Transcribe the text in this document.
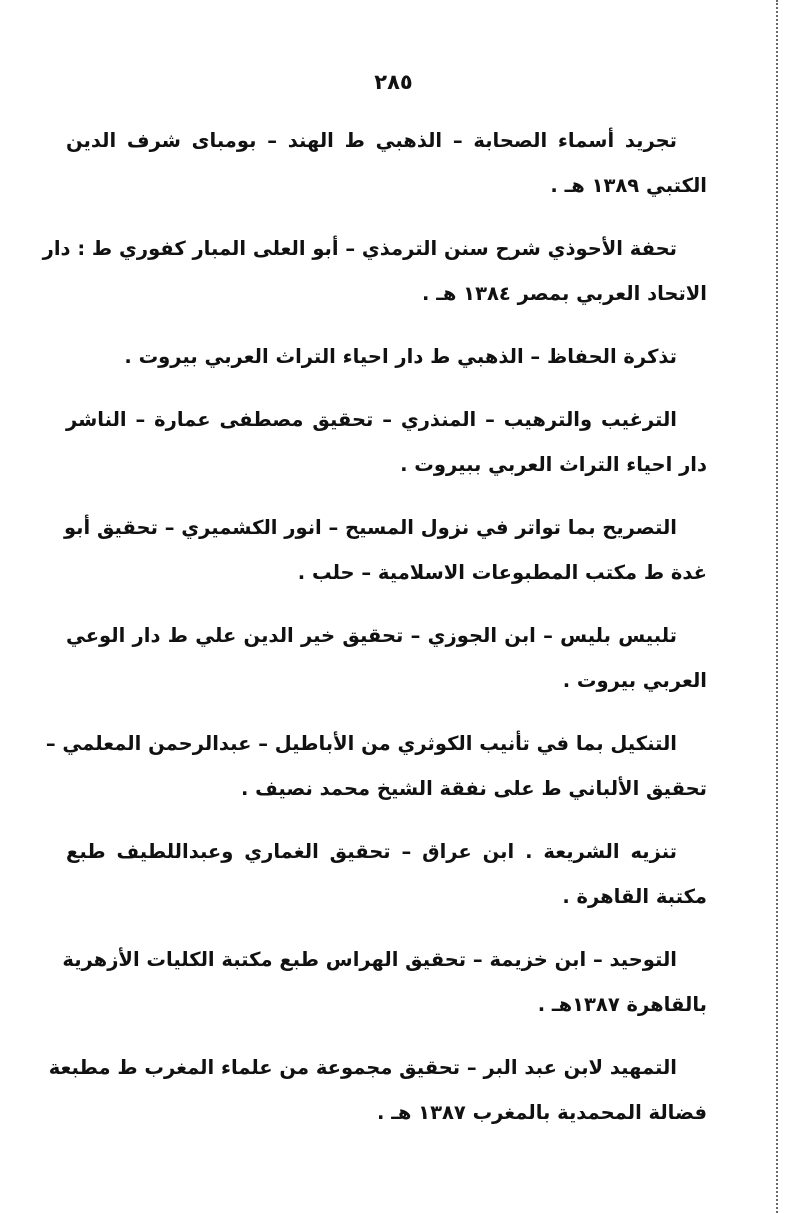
٢٨٥

تجريد أسماء الصحابة – الذهبي ط الهند – بومباى شرف الدين
الكتبي ١٣٨٩ هـ .

تحفة الأحوذي شرح سنن الترمذي – أبو العلى المبار كفوري ط : دار
الاتحاد العربي بمصر ١٣٨٤ هـ .

تذكرة الحفاظ – الذهبي ط دار احياء التراث العربي بيروت .

الترغيب والترهيب – المنذري – تحقيق مصطفى عمارة – الناشر
دار احياء التراث العربي ببيروت .

التصريح بما تواتر في نزول المسيح – انور الكشميري – تحقيق أبو
غدة ط مكتب المطبوعات الاسلامية – حلب .

تلبيس بليس – ابن الجوزي – تحقيق خير الدين علي ط دار الوعي
العربي بيروت .

التنكيل بما في تأنيب الكوثري من الأباطيل – عبدالرحمن المعلمي –
تحقيق الألباني ط على نفقة الشيخ محمد نصيف .

تنزيه الشريعة . ابن عراق – تحقيق الغماري وعبداللطيف طبع
مكتبة القاهرة .

التوحيد – ابن خزيمة – تحقيق الهراس طبع مكتبة الكليات الأزهرية
بالقاهرة ١٣٨٧هـ .

التمهيد لابن عبد البر – تحقيق مجموعة من علماء المغرب ط مطبعة
فضالة المحمدية بالمغرب ١٣٨٧ هـ .
